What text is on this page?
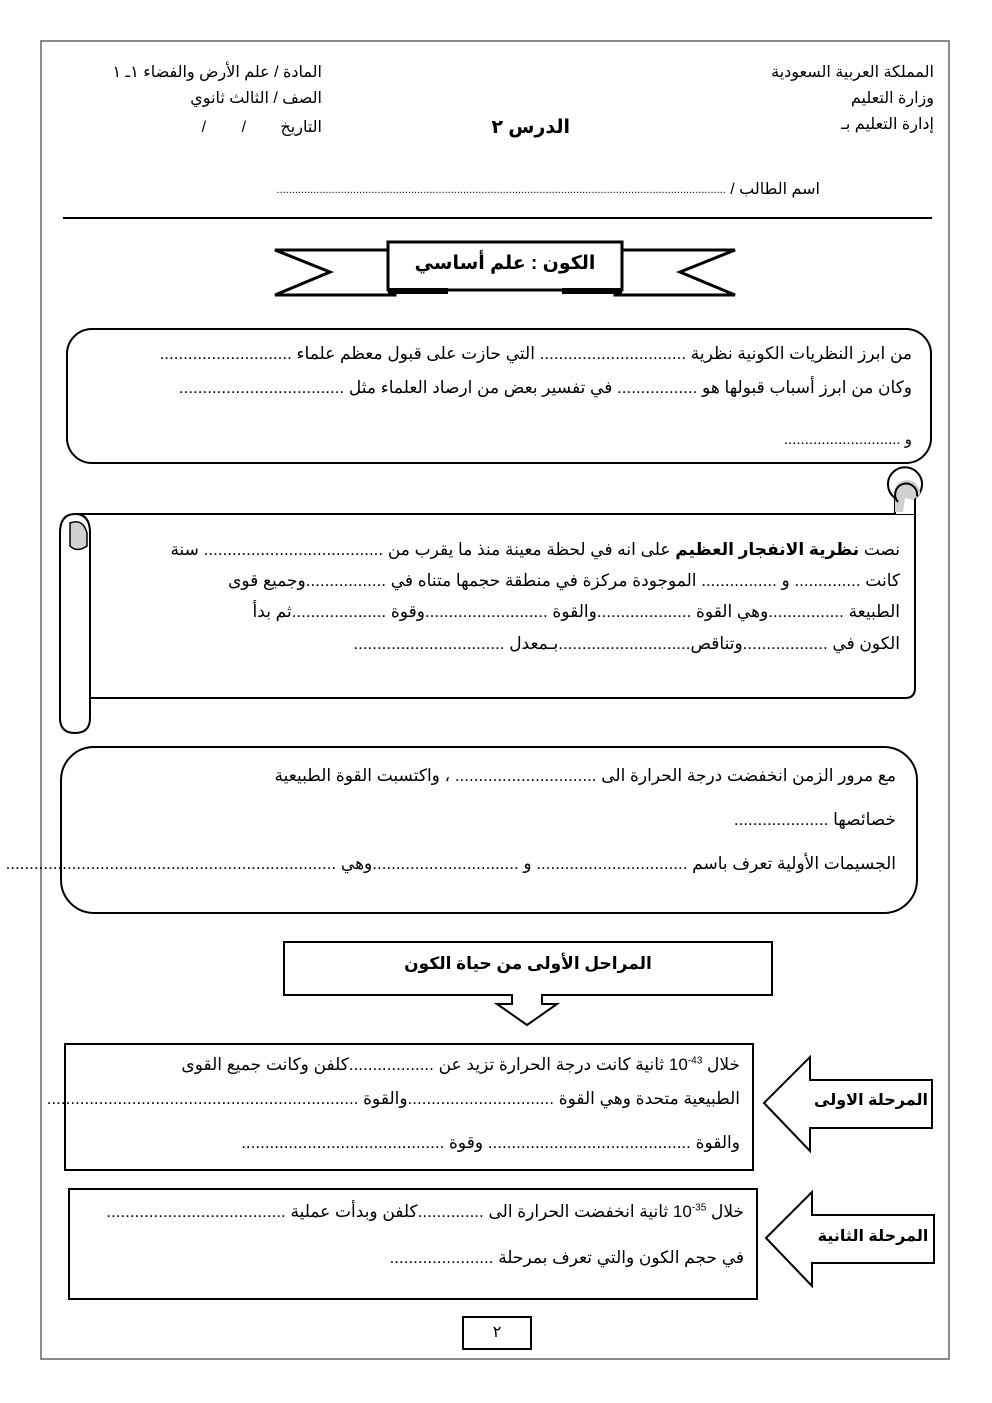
المملكة العربية السعودية
وزارة التعليم
إدارة التعليم بـ
الدرس ٢
المادة / علم الأرض والفضاء ١ـ ١
الصف / الثالث ثانوي
التاريخ /        /
اسم الطالب / ...................................................................................................................................................
الكون : علم أساسي
من ابرز النظريات الكونية نظرية ............................... التي حازت على قبول معظم علماء ............................
وكان من ابرز أسباب قبولها هو ................. في تفسير بعض من ارصاد العلماء مثل ...................................
و ............................
نصت نظرية الانفجار العظيم على انه في لحظة معينة منذ ما يقرب من ...................................... سنة
كانت .............. و ................ الموجودة مركزة في منطقة حجمها متناه في .................وجميع قوى
الطبيعة ................وهي القوة ....................والقوة ..........................وقوة ....................ثم بدأ
الكون في ..................وتناقص............................بـمعدل ................................
مع مرور الزمن انخفضت درجة الحرارة الى .............................. ، واكتسبت القوة الطبيعية
خصائصها ....................
الجسيمات الأولية تعرف باسم ................................ و ...............................وهي ......................................................................
المراحل الأولى من حياة الكون
خلال $10^{-43}$ ثانية كانت درجة الحرارة تزيد عن ..................كلفن وكانت جميع القوى
الطبيعية متحدة وهي القوة ...............................والقوة ..................................................................
والقوة ........................................... وقوة ...........................................
المرحلة الاولى
خلال $10^{-35}$ ثانية انخفضت الحرارة الى ..............كلفن وبدأت عملية ......................................
في حجم الكون والتي تعرف بمرحلة ......................
المرحلة الثانية
٢
